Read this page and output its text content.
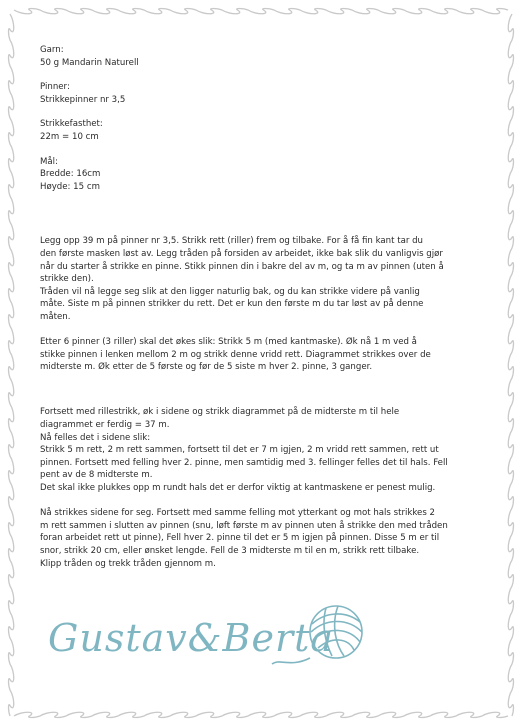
Garn:

50 g Mandarin Naturell

Pinner:

Strikkepinner nr 3,5

Strikkefasthet:

22m = 10 cm

Mål:

Bredde: 16cm

Høyde: 15 cm

Legg opp 39 m på pinner nr 3,5. Strikk rett (riller) frem og tilbake. For å få fin kant tar du
den første masken løst av. Legg tråden på forsiden av arbeidet, ikke bak slik du vanligvis gjør
når du starter å strikke en pinne. Stikk pinnen din i bakre del av m, og ta m av pinnen (uten å
strikke den).
Tråden vil nå legge seg slik at den ligger naturlig bak, og du kan strikke videre på vanlig
måte. Siste m på pinnen strikker du rett. Det er kun den første m du tar løst av på denne
måten.

Etter 6 pinner (3 riller) skal det økes slik: Strikk 5 m (med kantmaske). Øk nå 1 m ved å
stikke pinnen i lenken mellom 2 m og strikk denne vridd rett. Diagrammet strikkes over de
midterste m. Øk etter de 5 første og før de 5 siste m hver 2. pinne, 3 ganger.

Fortsett med rillestrikk, øk i sidene og strikk diagrammet på de midterste m til hele
diagrammet er ferdig = 37 m.
Nå felles det i sidene slik:
Strikk 5 m rett, 2 m rett sammen, fortsett til det er 7 m igjen, 2 m vridd rett sammen, rett ut
pinnen. Fortsett med felling hver 2. pinne, men samtidig med 3. fellinger felles det til hals. Fell
pent av de 8 midterste m.
Det skal ikke plukkes opp m rundt hals det er derfor viktig at kantmaskene er penest mulig.

Nå strikkes sidene for seg. Fortsett med samme felling mot ytterkant og mot hals strikkes 2
m rett sammen i slutten av pinnen (snu, løft første m av pinnen uten å strikke den med tråden
foran arbeidet rett ut pinne), Fell hver 2. pinne til det er 5 m igjen på pinnen. Disse 5 m er til
snor, strikk 20 cm, eller ønsket lengde. Fell de 3 midterste m til en m, strikk rett tilbake.
Klipp tråden og trekk tråden gjennom m.

Gustav&Berta
